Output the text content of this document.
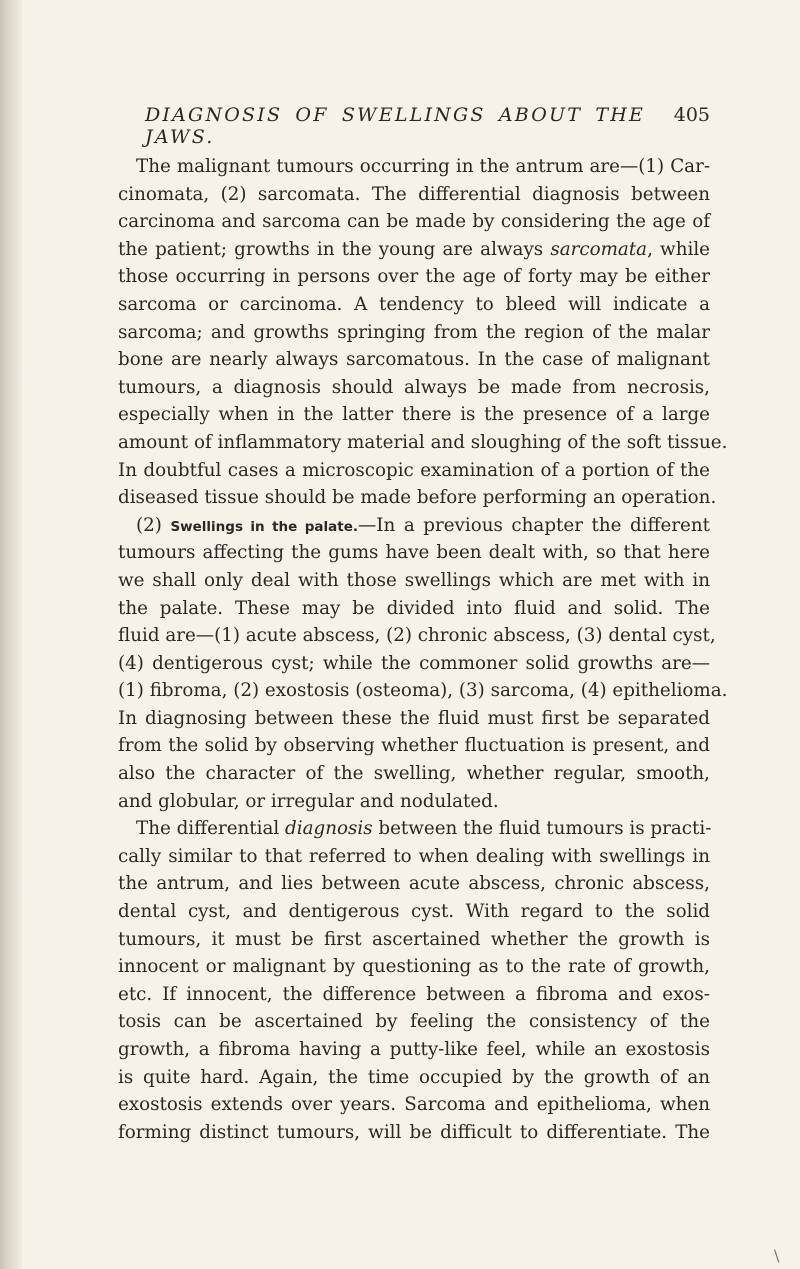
DIAGNOSIS OF SWELLINGS ABOUT THE JAWS.
405
The malignant tumours occurring in the antrum are—(1) Car-
cinomata, (2) sarcomata. The differential diagnosis between
carcinoma and sarcoma can be made by considering the age of
the patient; growths in the young are always sarcomata, while
those occurring in persons over the age of forty may be either
sarcoma or carcinoma. A tendency to bleed will indicate a
sarcoma; and growths springing from the region of the malar
bone are nearly always sarcomatous. In the case of malignant
tumours, a diagnosis should always be made from necrosis,
especially when in the latter there is the presence of a large
amount of inflammatory material and sloughing of the soft tissue.
In doubtful cases a microscopic examination of a portion of the
diseased tissue should be made before performing an operation.
(2) Swellings in the palate.—In a previous chapter the different
tumours affecting the gums have been dealt with, so that here
we shall only deal with those swellings which are met with in
the palate. These may be divided into fluid and solid. The
fluid are—(1) acute abscess, (2) chronic abscess, (3) dental cyst,
(4) dentigerous cyst; while the commoner solid growths are—
(1) fibroma, (2) exostosis (osteoma), (3) sarcoma, (4) epithelioma.
In diagnosing between these the fluid must first be separated
from the solid by observing whether fluctuation is present, and
also the character of the swelling, whether regular, smooth,
and globular, or irregular and nodulated.
The differential diagnosis between the fluid tumours is practi-
cally similar to that referred to when dealing with swellings in
the antrum, and lies between acute abscess, chronic abscess,
dental cyst, and dentigerous cyst. With regard to the solid
tumours, it must be first ascertained whether the growth is
innocent or malignant by questioning as to the rate of growth,
etc. If innocent, the difference between a fibroma and exos-
tosis can be ascertained by feeling the consistency of the
growth, a fibroma having a putty-like feel, while an exostosis
is quite hard. Again, the time occupied by the growth of an
exostosis extends over years. Sarcoma and epithelioma, when
forming distinct tumours, will be difficult to differentiate. The
\
